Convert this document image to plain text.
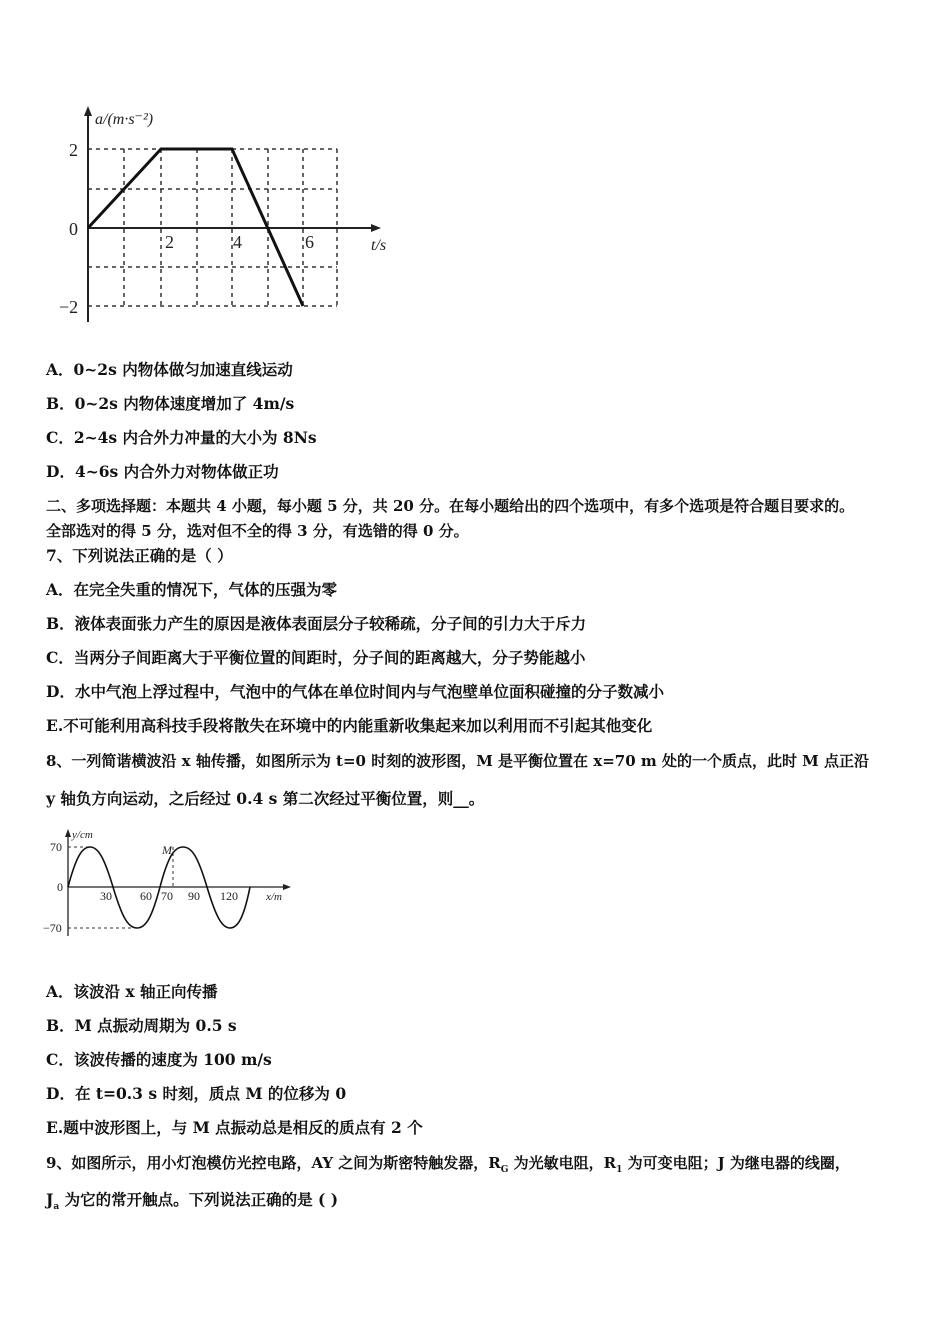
a/(m·s⁻²)
t/s
2
0
−2
2	4	6
A．0~2s 内物体做匀加速直线运动
B．0~2s 内物体速度增加了 4m/s
C．2~4s 内合外力冲量的大小为 8Ns
D．4~6s 内合外力对物体做正功
二、多项选择题：本题共 4 小题，每小题 5 分，共 20 分。在每小题给出的四个选项中，有多个选项是符合题目要求的。
全部选对的得 5 分，选对但不全的得 3 分，有选错的得 0 分。
7、下列说法正确的是（ ）
A．在完全失重的情况下，气体的压强为零
B．液体表面张力产生的原因是液体表面层分子较稀疏，分子间的引力大于斥力
C．当两分子间距离大于平衡位置的间距时，分子间的距离越大，分子势能越小
D．水中气泡上浮过程中，气泡中的气体在单位时间内与气泡壁单位面积碰撞的分子数减小
E.不可能利用高科技手段将散失在环境中的内能重新收集起来加以利用而不引起其他变化
8、一列简谐横波沿 x 轴传播，如图所示为 t=0 时刻的波形图，M 是平衡位置在 x=70 m 处的一个质点，此时 M 点正沿
y 轴负方向运动，之后经过 0.4 s 第二次经过平衡位置，则__。
y/cm
x/m
70
0
−70
30 60 70 90 120
M
A．该波沿 x 轴正向传播
B．M 点振动周期为 0.5 s
C．该波传播的速度为 100 m/s
D．在 t=0.3 s 时刻，质点 M 的位移为 0
E.题中波形图上，与 M 点振动总是相反的质点有 2 个
9、如图所示，用小灯泡模仿光控电路，AY 之间为斯密特触发器，$R_G$ 为光敏电阻，$R_1$ 为可变电阻；J 为继电器的线圈，
$J_a$ 为它的常开触点。下列说法正确的是 ( )
